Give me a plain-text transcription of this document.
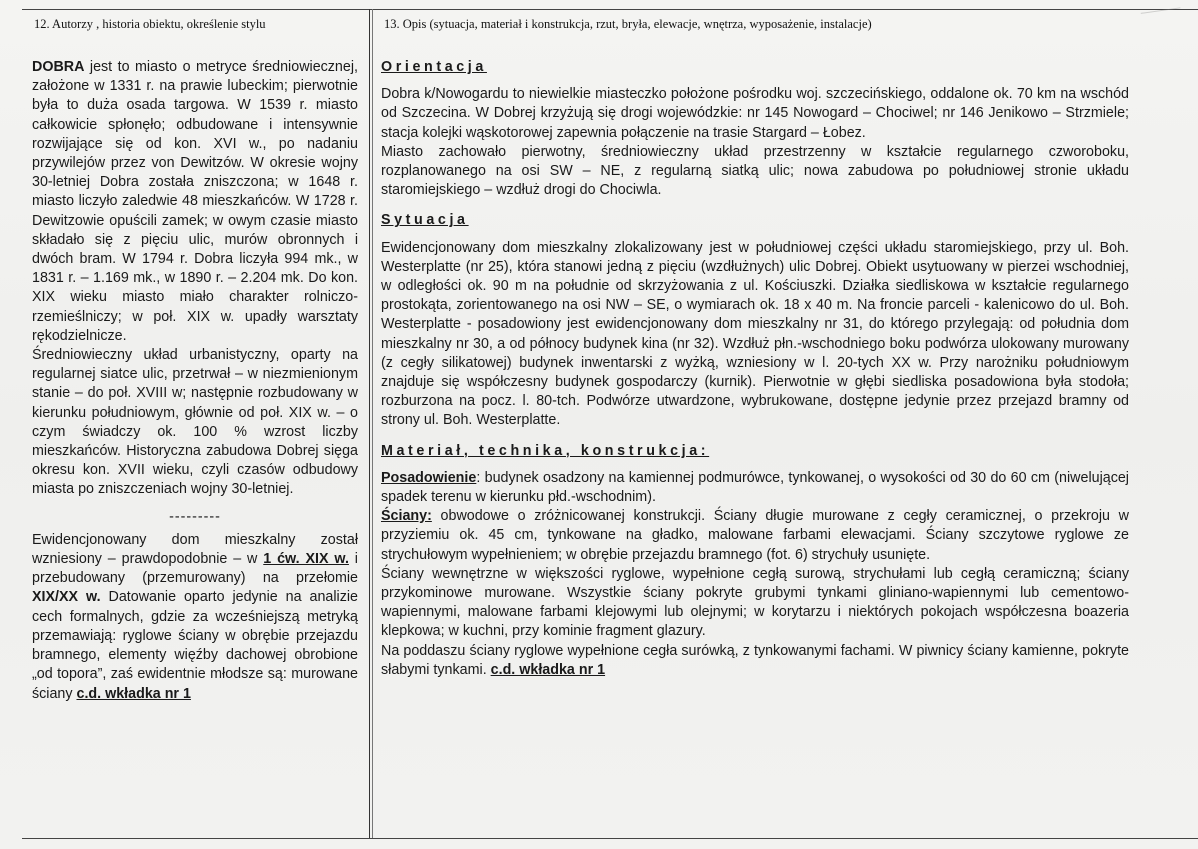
12. Autorzy , historia obiektu, określenie stylu	13. Opis (sytuacja, materiał i konstrukcja, rzut, bryła, elewacje, wnętrza, wyposażenie, instalacje)

DOBRA jest to miasto o metryce średniowiecznej, założone w 1331 r. na prawie lubeckim; pierwotnie była to duża osada targowa. W 1539 r. miasto całkowicie spłonęło; odbudowane i intensywnie rozwijające się od kon. XVI w., po nadaniu przywilejów przez von Dewitzów. W okresie wojny 30-letniej Dobra została zniszczona; w 1648 r. miasto liczyło zaledwie 48 mieszkańców. W 1728 r. Dewitzowie opuścili zamek; w owym czasie miasto składało się z pięciu ulic, murów obronnych i dwóch bram. W 1794 r. Dobra liczyła 994 mk., w 1831 r. – 1.169 mk., w 1890 r. – 2.204 mk. Do kon. XIX wieku miasto miało charakter rolniczo-rzemieślniczy; w poł. XIX w. upadły warsztaty rękodzielnicze.

Średniowieczny układ urbanistyczny, oparty na regularnej siatce ulic, przetrwał – w niezmienionym stanie – do poł. XVIII w; następnie rozbudowany w kierunku południowym, głównie od poł. XIX w. – o czym świadczy ok. 100 % wzrost liczby mieszkańców. Historyczna zabudowa Dobrej sięga okresu kon. XVII wieku, czyli czasów odbudowy miasta po zniszczeniach wojny 30-letniej.

---------

Ewidencjonowany dom mieszkalny został wzniesiony – prawdopodobnie – w 1 ćw. XIX w. i przebudowany (przemurowany) na przełomie XIX/XX w. Datowanie oparto jedynie na analizie cech formalnych, gdzie za wcześniejszą metryką przemawiają: ryglowe ściany w obrębie przejazdu bramnego, elementy więźby dachowej obrobione „od topora”, zaś ewidentnie młodsze są: murowane ściany c.d. wkładka nr 1

Orientacja

Dobra k/Nowogardu to niewielkie miasteczko położone pośrodku woj. szczecińskiego, oddalone ok. 70 km na wschód od Szczecina. W Dobrej krzyżują się drogi wojewódzkie: nr 145 Nowogard – Chociwel; nr 146 Jenikowo – Strzmiele; stacja kolejki wąskotorowej zapewnia połączenie na trasie Stargard – Łobez.

Miasto zachowało pierwotny, średniowieczny układ przestrzenny w kształcie regularnego czworoboku, rozplanowanego na osi SW – NE, z regularną siatką ulic; nowa zabudowa po południowej stronie układu staromiejskiego – wzdłuż drogi do Chociwla.

Sytuacja

Ewidencjonowany dom mieszkalny zlokalizowany jest w południowej części układu staromiejskiego, przy ul. Boh. Westerplatte (nr 25), która stanowi jedną z pięciu (wzdłużnych) ulic Dobrej. Obiekt usytuowany w pierzei wschodniej, w odległości ok. 90 m na południe od skrzyżowania z ul. Kościuszki. Działka siedliskowa w kształcie regularnego prostokąta, zorientowanego na osi NW – SE, o wymiarach ok. 18 x 40 m. Na froncie parceli - kalenicowo do ul. Boh. Westerplatte - posadowiony jest ewidencjonowany dom mieszkalny nr 31, do którego przylegają: od południa dom mieszkalny nr 30, a od północy budynek kina (nr 32). Wzdłuż płn.-wschodniego boku podwórza ulokowany murowany (z cegły silikatowej) budynek inwentarski z wyżką, wzniesiony w l. 20-tych XX w. Przy narożniku południowym znajduje się współczesny budynek gospodarczy (kurnik). Pierwotnie w głębi siedliska posadowiona była stodoła; rozburzona na pocz. l. 80-tch. Podwórze utwardzone, wybrukowane, dostępne jedynie przez przejazd bramny od strony ul. Boh. Westerplatte.

Materiał, technika, konstrukcja:

Posadowienie: budynek osadzony na kamiennej podmurówce, tynkowanej, o wysokości od 30 do 60 cm (niwelującej spadek terenu w kierunku płd.-wschodnim).

Ściany: obwodowe o zróżnicowanej konstrukcji. Ściany długie murowane z cegły ceramicznej, o przekroju w przyziemiu ok. 45 cm, tynkowane na gładko, malowane farbami elewacjami. Ściany szczytowe ryglowe ze strychułowym wypełnieniem; w obrębie przejazdu bramnego (fot. 6) strychuły usunięte.

Ściany wewnętrzne w większości ryglowe, wypełnione cegłą surową, strychułami lub cegłą ceramiczną; ściany przykominowe murowane. Wszystkie ściany pokryte grubymi tynkami gliniano-wapiennymi lub cementowo-wapiennymi, malowane farbami klejowymi lub olejnymi; w korytarzu i niektórych pokojach współczesna boazeria klepkowa; w kuchni, przy kominie fragment glazury.

Na poddaszu ściany ryglowe wypełnione cegła surówką, z tynkowanymi fachami. W piwnicy ściany kamienne, pokryte słabymi tynkami. c.d. wkładka nr 1
